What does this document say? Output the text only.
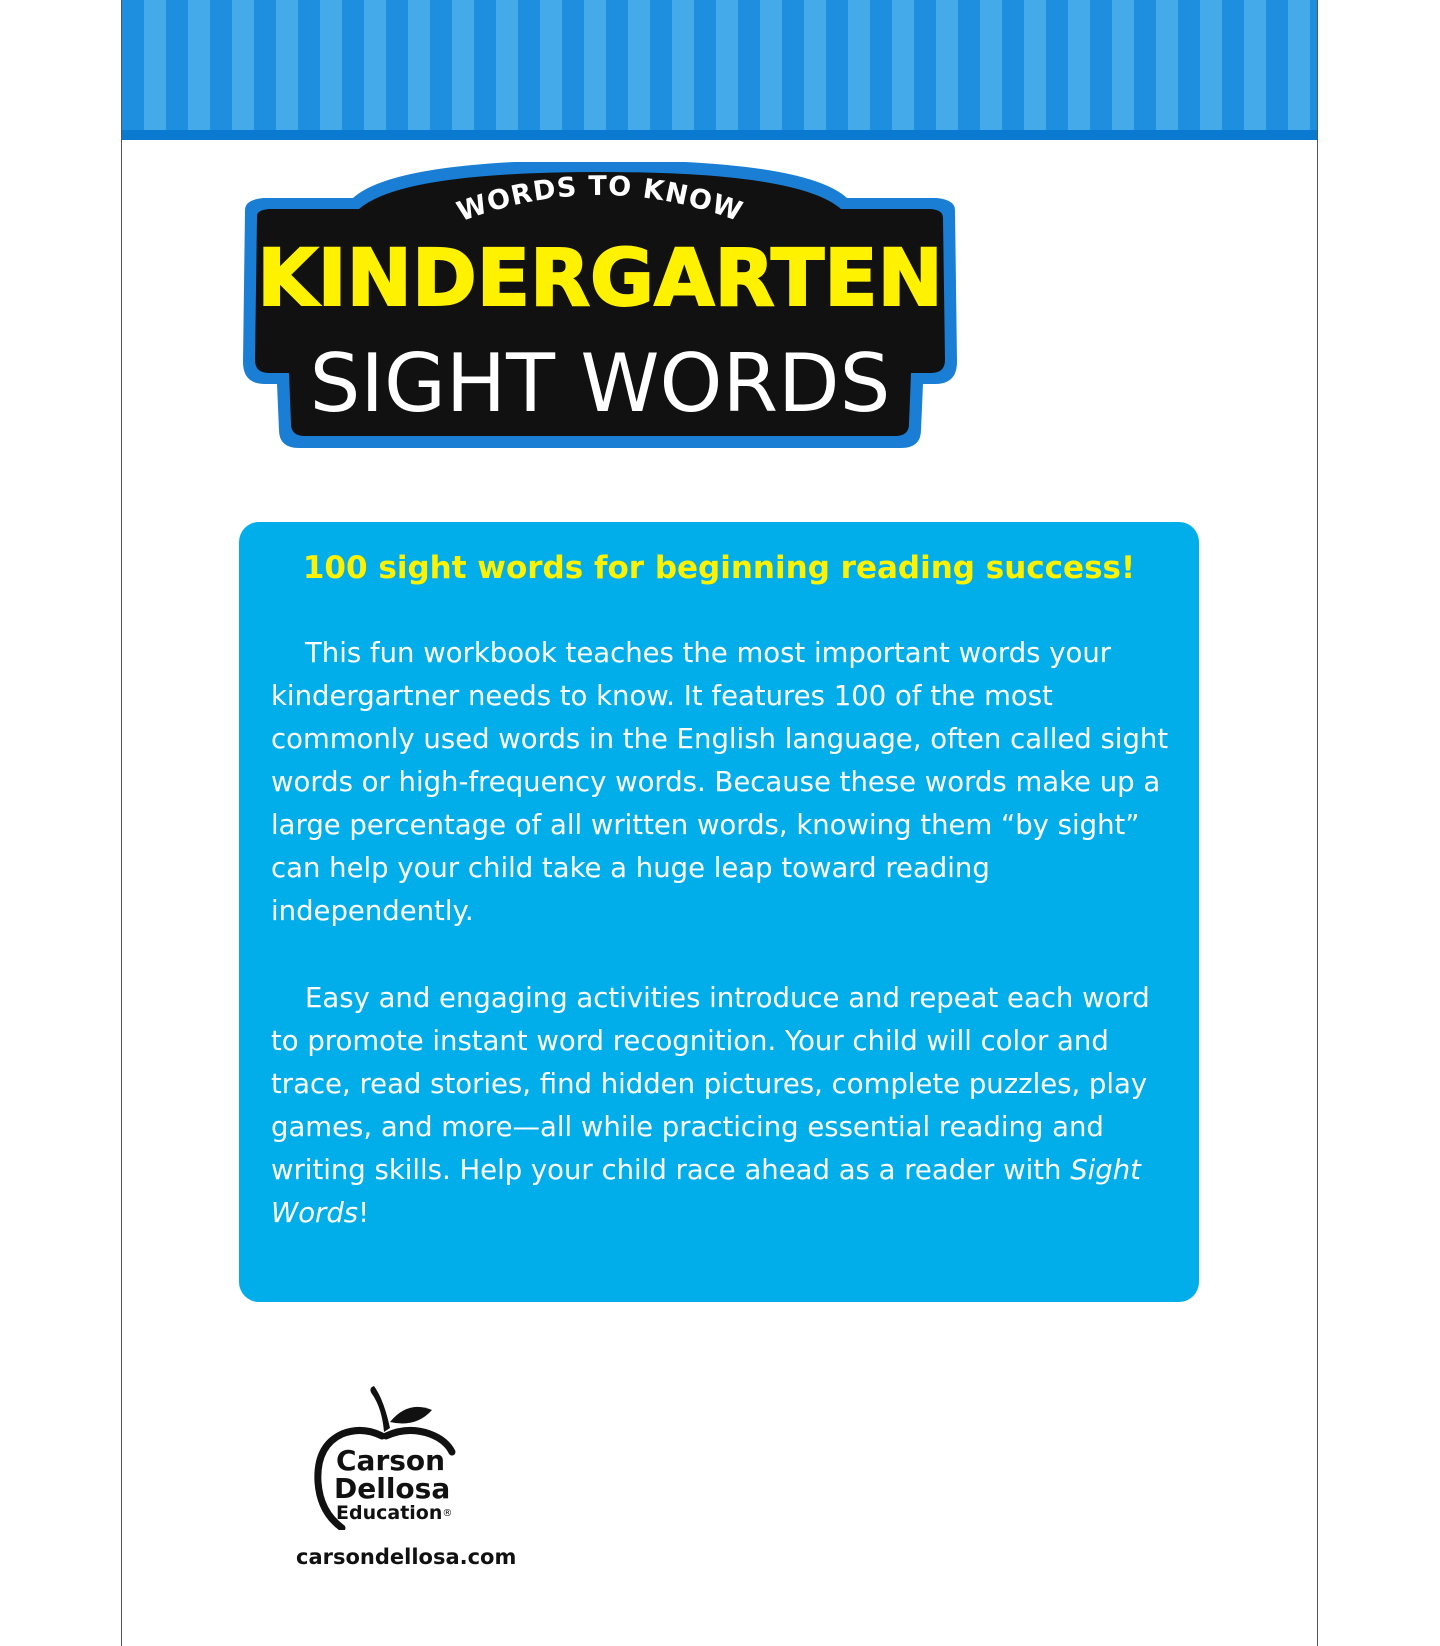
WORDS TO KNOW
KINDERGARTEN
SIGHT WORDS
100 sight words for beginning reading success!

This fun workbook teaches the most important words your kindergartner needs to know. It features 100 of the most commonly used words in the English language, often called sight words or high-frequency words. Because these words make up a large percentage of all written words, knowing them “by sight” can help your child take a huge leap toward reading independently.

Easy and engaging activities introduce and repeat each word to promote instant word recognition. Your child will color and trace, read stories, find hidden pictures, complete puzzles, play games, and more—all while practicing essential reading and writing skills. Help your child race ahead as a reader with Sight Words!

Carson
Dellosa
Education®
carsondellosa.com
